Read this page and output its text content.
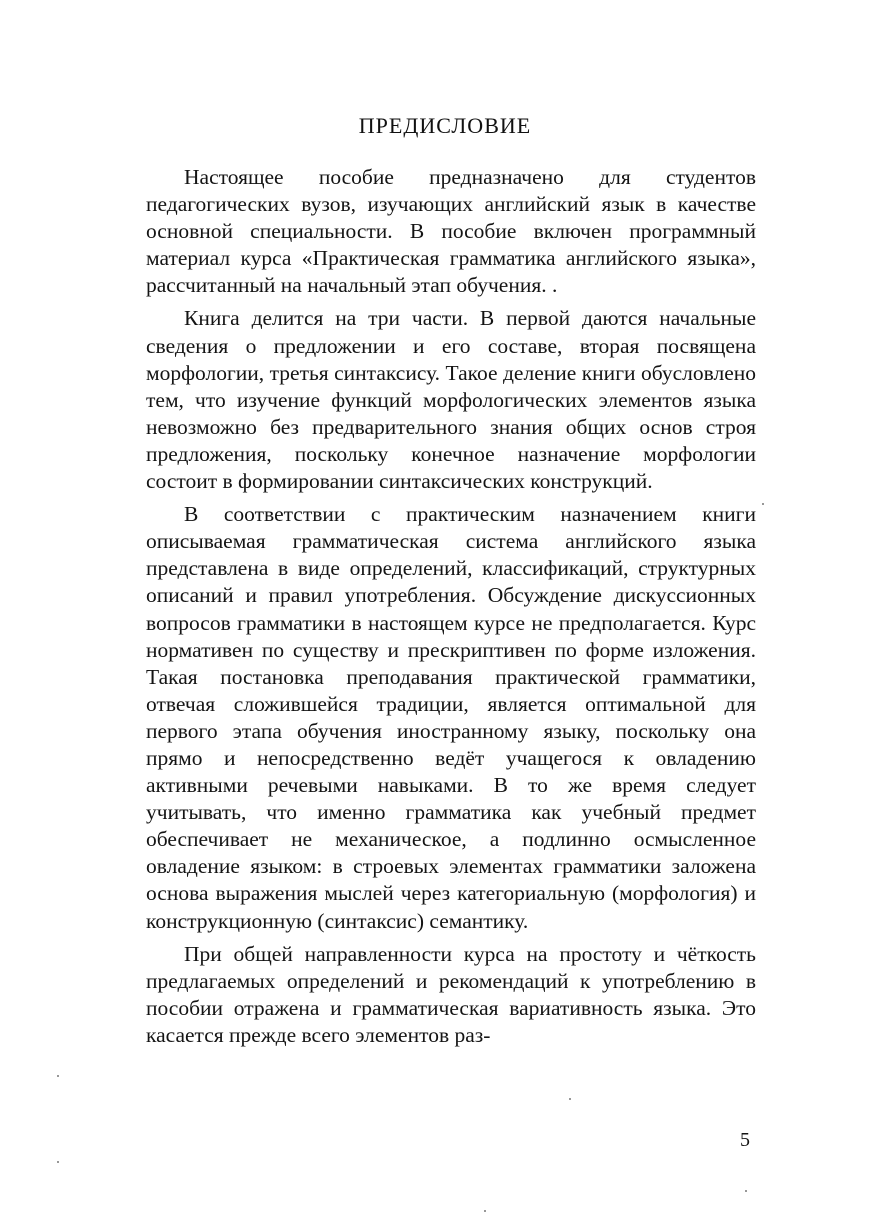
ПРЕДИСЛОВИЕ

Настоящее пособие предназначено для студентов педагогических вузов, изучающих английский язык в качестве основной специальности. В пособие включен программный материал курса «Практическая грамматика английского языка», рассчитанный на начальный этап обучения. .

Книга делится на три части. В первой даются начальные сведения о предложении и его составе, вторая посвящена морфологии, третья синтаксису. Такое деление книги обусловлено тем, что изучение функций морфологических элементов языка невозможно без предварительного знания общих основ строя предложения, поскольку конечное назначение морфологии состоит в формировании синтаксических конструкций.

В соответствии с практическим назначением книги описываемая грамматическая система английского языка представлена в виде определений, классификаций, структурных описаний и правил употребления. Обсуждение дискуссионных вопросов грамматики в настоящем курсе не предполагается. Курс нормативен по существу и прескриптивен по форме изложения. Такая постановка преподавания практической грамматики, отвечая сложившейся традиции, является оптимальной для первого этапа обучения иностранному языку, поскольку она прямо и непосредственно ведёт учащегося к овладению активными речевыми навыками. В то же время следует учитывать, что именно грамматика как учебный предмет обеспечивает не механическое, а подлинно осмысленное овладение языком: в строевых элементах грамматики заложена основа выражения мыслей через категориальную (морфология) и конструкционную (синтаксис) семантику.

При общей направленности курса на простоту и чёткость предлагаемых определений и рекомендаций к употреблению в пособии отражена и грамматическая вариативность языка. Это касается прежде всего элементов раз-

5
